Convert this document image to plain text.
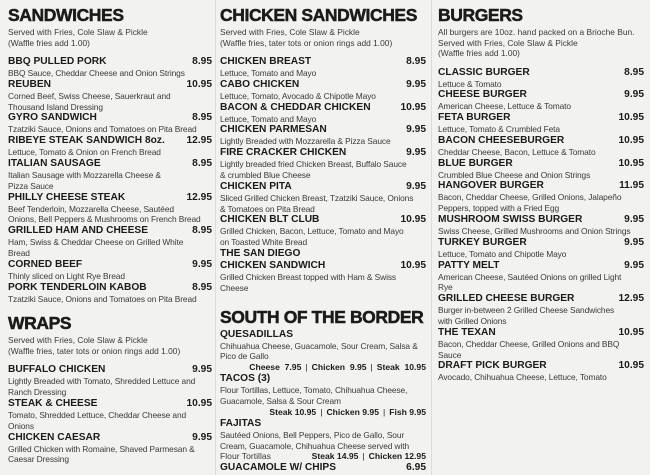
SANDWICHES
Served with Fries, Cole Slaw & Pickle
(Waffle fries add 1.00)
BBQ PULLED PORK	8.95
BBQ Sauce, Cheddar Cheese and Onion Strings
REUBEN	10.95
Corned Beef, Swiss Cheese, Sauerkraut and
Thousand Island Dressing
GYRO SANDWICH	8.95
Tzatziki Sauce, Onions and Tomatoes on Pita Bread
RIBEYE STEAK SANDWICH 8oz. 12.95
Lettuce, Tomato & Onion on French Bread
ITALIAN SAUSAGE	8.95
Italian Sausage with Mozzarella Cheese &
Pizza Sauce
PHILLY CHEESE STEAK	12.95
Beef Tenderloin, Mozzarella Cheese, Sautéed
Onions, Bell Peppers & Mushrooms on French Bread
GRILLED HAM AND CHEESE	8.95
Ham, Swiss & Cheddar Cheese on Grilled White
Bread
CORNED BEEF	9.95
Thinly sliced on Light Rye Bread
PORK TENDERLOIN KABOB	8.95
Tzatziki Sauce, Onions and Tomatoes on Pita Bread
WRAPS
Served with Fries, Cole Slaw & Pickle
(Waffle fries, tater tots or onion rings add 1.00)
BUFFALO CHICKEN	9.95
Lightly Breaded with Tomato, Shredded Lettuce and
Ranch Dressing
STEAK & CHEESE	10.95
Tomato, Shredded Lettuce, Cheddar Cheese and
Onions
CHICKEN CAESAR	9.95
Grilled Chicken with Romaine, Shaved Parmesan &
Caesar Dressing
CHICKEN SANDWICHES
Served with Fries, Cole Slaw & Pickle
(Waffle fries, tater tots or onion rings add 1.00)
CHICKEN BREAST	8.95
Lettuce, Tomato and Mayo
CABO CHICKEN	9.95
Lettuce, Tomato, Avocado & Chipotle Mayo
BACON & CHEDDAR CHICKEN	10.95
Lettuce, Tomato and Mayo
CHICKEN PARMESAN	9.95
Lightly Breaded with Mozzarella & Pizza Sauce
FIRE CRACKER CHICKEN	9.95
Lightly breaded fried Chicken Breast, Buffalo Sauce
& crumbled Blue Cheese
CHICKEN PITA	9.95
Sliced Grilled Chicken Breast, Tzatziki Sauce, Onions
& Tomatoes on Pita Bread
CHICKEN BLT CLUB	10.95
Grilled Chicken, Bacon, Lettuce, Tomato and Mayo
on Toasted White Bread
THE SAN DIEGO
CHICKEN SANDWICH	10.95
Grilled Chicken Breast topped with Ham & Swiss
Cheese
SOUTH OF THE BORDER
QUESADILLAS
Chihuahua Cheese, Guacamole, Sour Cream, Salsa &
Pico de Gallo
Cheese  7.95 | Chicken  9.95 | Steak  10.95
TACOS (3)
Flour Tortillas, Lettuce, Tomato, Chihuahua Cheese,
Guacamole, Salsa & Sour Cream
Steak 10.95 | Chicken 9.95 | Fish 9.95
FAJITAS
Sautéed Onions, Bell Peppers, Pico de Gallo, Sour
Cream, Guacamole, Chihuahua Cheese served with
Flour Tortillas	Steak 14.95 | Chicken 12.95
GUACAMOLE W/ CHIPS	6.95
BURGERS
All burgers are 10oz. hand packed on a Brioche Bun.
Served with Fries, Cole Slaw & Pickle
(Waffle fries add 1.00)
CLASSIC BURGER	8.95
Lettuce & Tomato
CHEESE BURGER	9.95
American Cheese, Lettuce & Tomato
FETA BURGER	10.95
Lettuce, Tomato & Crumbled Feta
BACON CHEESEBURGER	10.95
Cheddar Cheese, Bacon, Lettuce & Tomato
BLUE BURGER	10.95
Crumbled Blue Cheese and Onion Strings
HANGOVER BURGER	11.95
Bacon, Cheddar Cheese, Grilled Onions, Jalapeño
Peppers, topped with a Fried Egg
MUSHROOM SWISS BURGER	9.95
Swiss Cheese, Grilled Mushrooms and Onion Strings
TURKEY BURGER	9.95
Lettuce, Tomato and Chipotle Mayo
PATTY MELT	9.95
American Cheese, Sautéed Onions on grilled Light
Rye
GRILLED CHEESE BURGER	12.95
Burger in-between 2 Grilled Cheese Sandwiches
with Grilled Onions
THE TEXAN	10.95
Bacon, Cheddar Cheese, Grilled Onions and BBQ
Sauce
DRAFT PICK BURGER	10.95
Avocado, Chihuahua Cheese, Lettuce, Tomato
